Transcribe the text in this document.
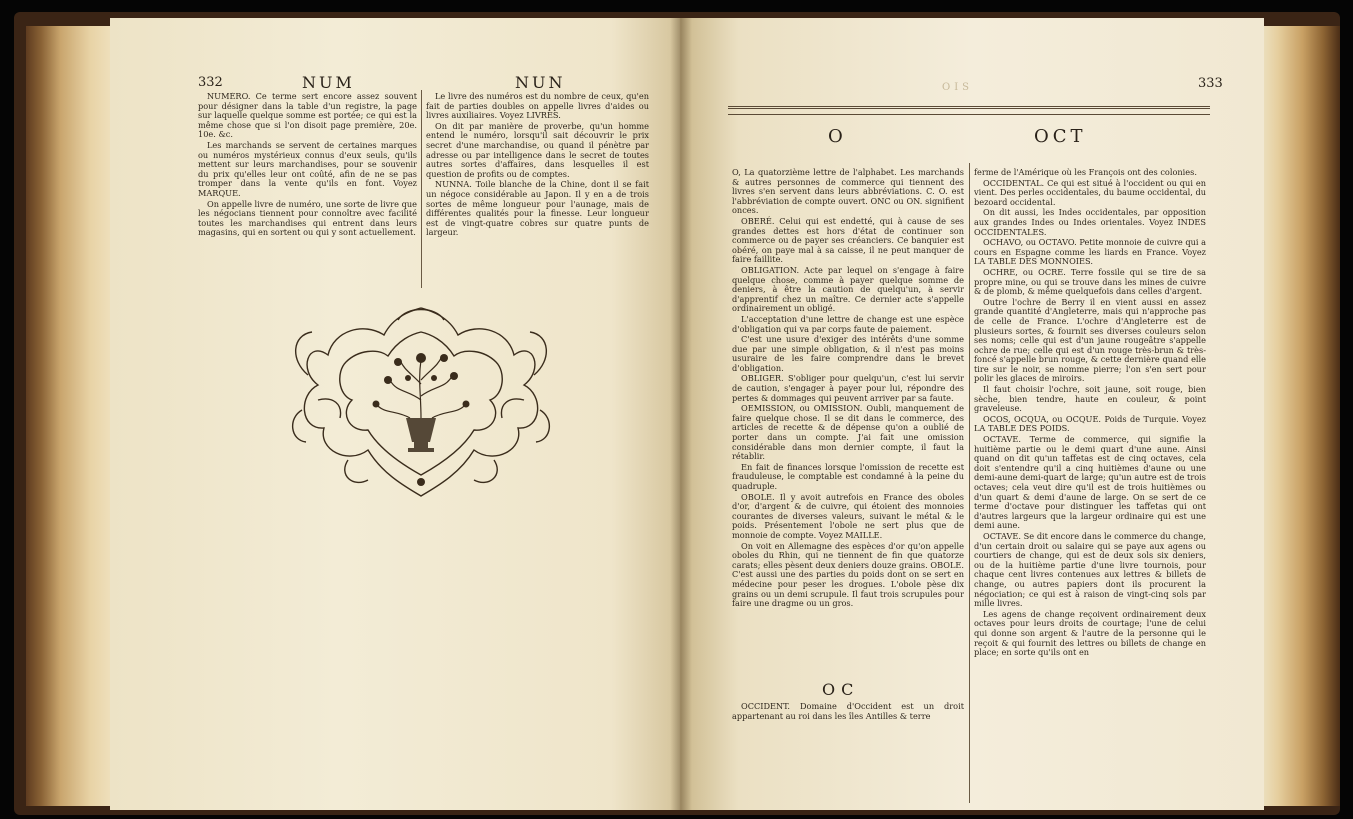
332	NUM	NUN

NUMÉRO. Ce terme sert encore assez souvent pour désigner dans la table d'un registre, la page sur laquelle quelque somme est portée; ce qui est la même chose que si l'on disoit page première, 20e. 10e. &c.

Les marchands se servent de certaines marques ou numéros mystérieux connus d'eux seuls, qu'ils mettent sur leurs marchandises, pour se souvenir du prix qu'elles leur ont coûté, afin de ne se pas tromper dans la vente qu'ils en font. Voyez MARQUE.

On appelle livre de numéro, une sorte de livre que les négocians tiennent pour connoître avec facilité toutes les marchandises qui entrent dans leurs magasins, qui en sortent ou qui y sont actuellement.

Le livre des numéros est du nombre de ceux, qu'en fait de parties doubles on appelle livres d'aides ou livres auxiliaires. Voyez LIVRES.

On dit par manière de proverbe, qu'un homme entend le numéro, lorsqu'il sait découvrir le prix secret d'une marchandise, ou quand il pénètre par adresse ou par intelligence dans le secret de toutes autres sortes d'affaires, dans lesquelles il est question de profits ou de comptes.

NUNNA. Toile blanche de la Chine, dont il se fait un négoce considérable au Japon. Il y en a de trois sortes de même longueur pour l'aunage, mais de différentes qualités pour la finesse. Leur longueur est de vingt-quatre cobres sur quatre punts de largeur.

333
OIS
O	OCT

O, La quatorzième lettre de l'alphabet. Les marchands & autres personnes de commerce qui tiennent des livres s'en servent dans leurs abbréviations. C. O. est l'abbréviation de compte ouvert. ONC ou ON. signifient onces.

OBERÉ. Celui qui est endetté, qui à cause de ses grandes dettes est hors d'état de continuer son commerce ou de payer ses créanciers. Ce banquier est obéré, on paye mal à sa caisse, il ne peut manquer de faire faillite.

OBLIGATION. Acte par lequel on s'engage à faire quelque chose, comme à payer quelque somme de deniers, à être la caution de quelqu'un, à servir d'apprentif chez un maître. Ce dernier acte s'appelle ordinairement un obligé.

L'acceptation d'une lettre de change est une espèce d'obligation qui va par corps faute de paiement.

C'est une usure d'exiger des intérêts d'une somme due par une simple obligation, & il n'est pas moins usuraire de les faire comprendre dans le brevet d'obligation.

OBLIGER. S'obliger pour quelqu'un, c'est lui servir de caution, s'engager à payer pour lui, répondre des pertes & dommages qui peuvent arriver par sa faute.

OEMISSION, ou OMISSION. Oubli, manquement de faire quelque chose. Il se dit dans le commerce, des articles de recette & de dépense qu'on a oublié de porter dans un compte. J'ai fait une omission considérable dans mon dernier compte, il faut la rétablir.

En fait de finances lorsque l'omission de recette est frauduleuse, le comptable est condamné à la peine du quadruple.

OBOLE. Il y avoit autrefois en France des oboles d'or, d'argent & de cuivre, qui étoient des monnoies courantes de diverses valeurs, suivant le métal & le poids. Présentement l'obole ne sert plus que de monnoie de compte. Voyez MAILLE.

On voit en Allemagne des espèces d'or qu'on appelle oboles du Rhin, qui ne tiennent de fin que quatorze carats; elles pèsent deux deniers douze grains. OBOLE. C'est aussi une des parties du poids dont on se sert en médecine pour peser les drogues. L'obole pèse dix grains ou un demi scrupule. Il faut trois scrupules pour faire une dragme ou un gros.

OC

OCCIDENT. Domaine d'Occident est un droit appartenant au roi dans les îles Antilles & terre

ferme de l'Amérique où les François ont des colonies.

OCCIDENTAL. Ce qui est situé à l'occident ou qui en vient. Des perles occidentales, du baume occidental, du bezoard occidental.

On dit aussi, les Indes occidentales, par opposition aux grandes Indes ou Indes orientales. Voyez INDES OCCIDENTALES.

OCHAVO, ou OCTAVO. Petite monnoie de cuivre qui a cours en Espagne comme les liards en France. Voyez LA TABLE DES MONNOIES.

OCHRE, ou OCRE. Terre fossile qui se tire de sa propre mine, ou qui se trouve dans les mines de cuivre & de plomb, & même quelquefois dans celles d'argent.

Outre l'ochre de Berry il en vient aussi en assez grande quantité d'Angleterre, mais qui n'approche pas de celle de France. L'ochre d'Angleterre est de plusieurs sortes, & fournit ses diverses couleurs selon ses noms; celle qui est d'un jaune rougeâtre s'appelle ochre de rue; celle qui est d'un rouge très-brun & très-foncé s'appelle brun rouge, & cette dernière quand elle tire sur le noir, se nomme pierre; l'on s'en sert pour polir les glaces de miroirs.

Il faut choisir l'ochre, soit jaune, soit rouge, bien sèche, bien tendre, haute en couleur, & point graveleuse.

OCOS, OCQUA, ou OCQUE. Poids de Turquie. Voyez LA TABLE DES POIDS.

OCTAVE. Terme de commerce, qui signifie la huitième partie ou le demi quart d'une aune. Ainsi quand on dit qu'un taffetas est de cinq octaves, cela doit s'entendre qu'il a cinq huitièmes d'aune ou une demi-aune demi-quart de large; qu'un autre est de trois octaves; cela veut dire qu'il est de trois huitièmes ou d'un quart & demi d'aune de large. On se sert de ce terme d'octave pour distinguer les taffetas qui ont d'autres largeurs que la largeur ordinaire qui est une demi aune.

OCTAVE. Se dit encore dans le commerce du change, d'un certain droit ou salaire qui se paye aux agens ou courtiers de change, qui est de deux sols six deniers, ou de la huitième partie d'une livre tournois, pour chaque cent livres contenues aux lettres & billets de change, ou autres papiers dont ils procurent la négociation; ce qui est à raison de vingt-cinq sols par mille livres.

Les agens de change reçoivent ordinairement deux octaves pour leurs droits de courtage; l'une de celui qui donne son argent & l'autre de la personne qui le reçoit & qui fournit des lettres ou billets de change en place; en sorte qu'ils ont en
